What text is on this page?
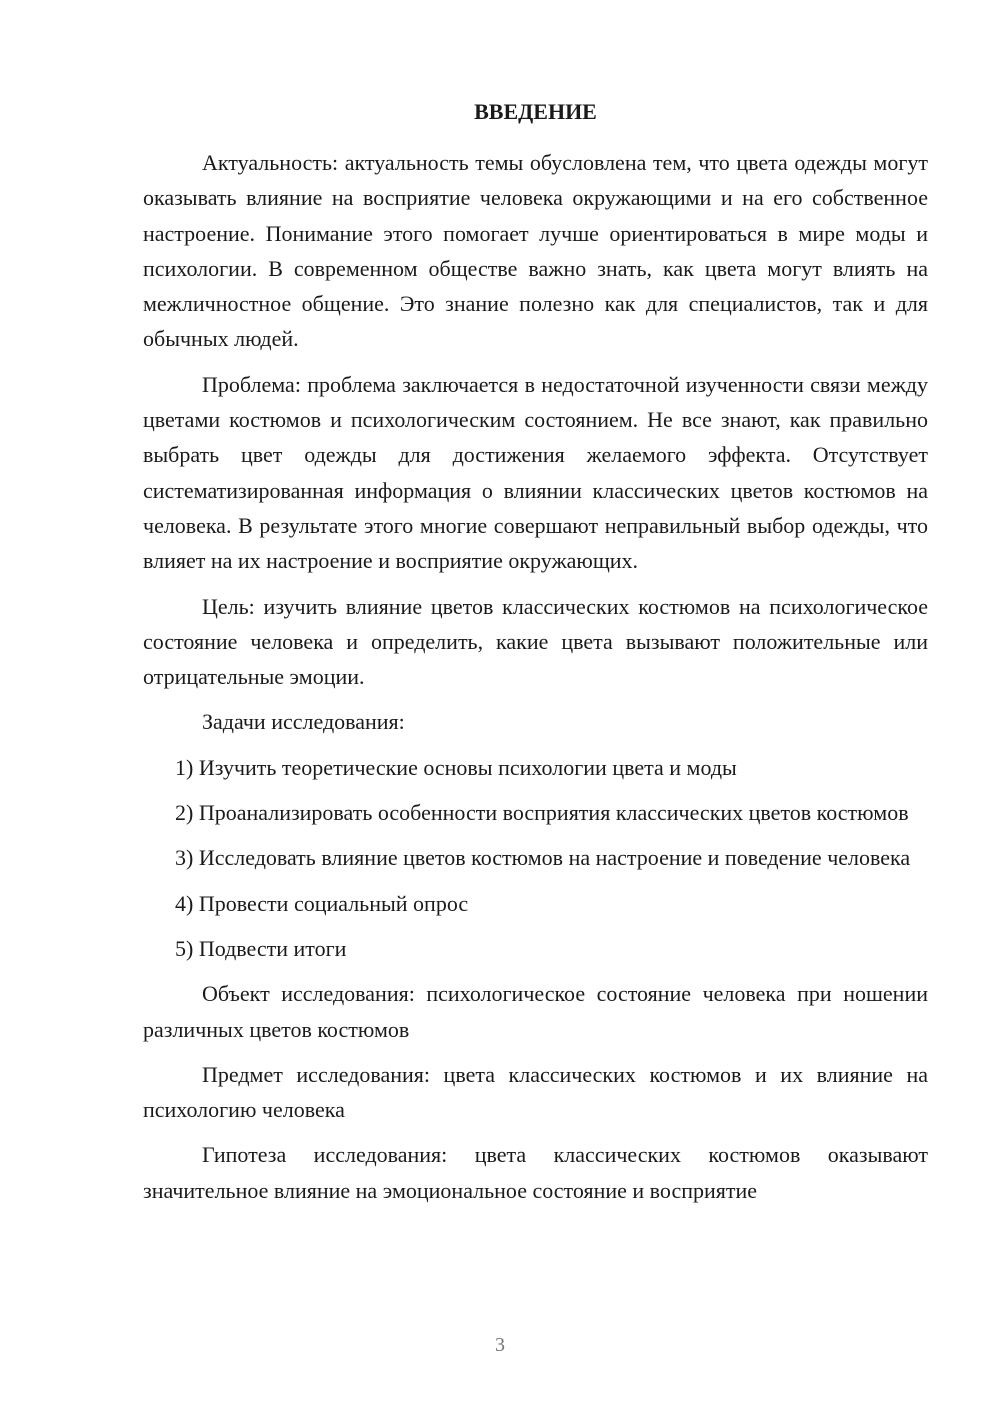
ВВЕДЕНИЕ

Актуальность: актуальность темы обусловлена тем, что цвета одежды могут оказывать влияние на восприятие человека окружающими и на его собственное настроение. Понимание этого помогает лучше ориентироваться в мире моды и психологии. В современном обществе важно знать, как цвета могут влиять на межличностное общение. Это знание полезно как для специалистов, так и для обычных людей.

Проблема: проблема заключается в недостаточной изученности связи между цветами костюмов и психологическим состоянием. Не все знают, как правильно выбрать цвет одежды для достижения желаемого эффекта. Отсутствует систематизированная информация о влиянии классических цветов костюмов на человека. В результате этого многие совершают неправильный выбор одежды, что влияет на их настроение и восприятие окружающих.

Цель: изучить влияние цветов классических костюмов на психологическое состояние человека и определить, какие цвета вызывают положительные или отрицательные эмоции.

Задачи исследования:

1) Изучить теоретические основы психологии цвета и моды

2) Проанализировать особенности восприятия классических цветов костюмов

3) Исследовать влияние цветов костюмов на настроение и поведение человека

4) Провести социальный опрос

5) Подвести итоги

Объект исследования: психологическое состояние человека при ношении различных цветов костюмов

Предмет исследования: цвета классических костюмов и их влияние на психологию человека

Гипотеза исследования: цвета классических костюмов оказывают значительное влияние на эмоциональное состояние и восприятие

3
